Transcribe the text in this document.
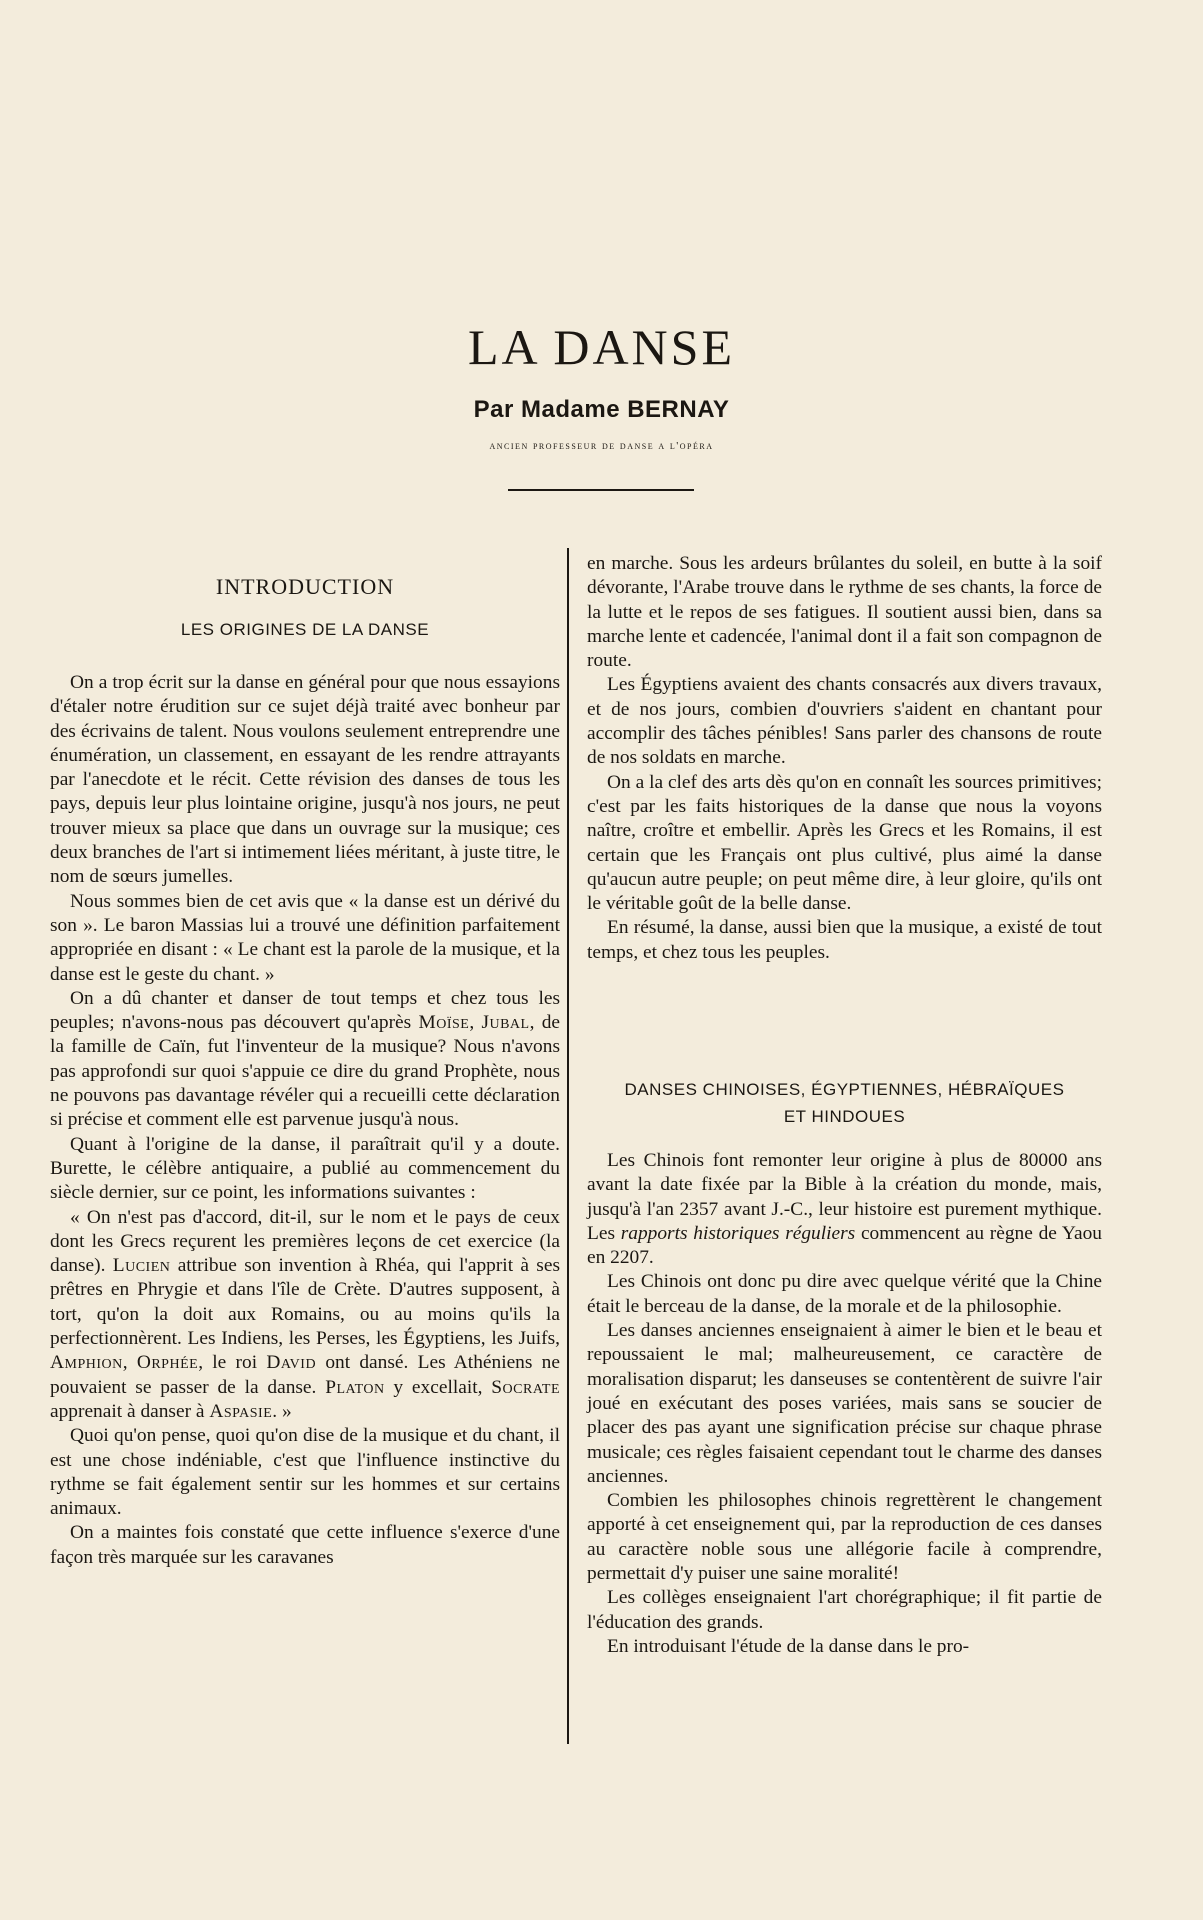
LA DANSE
Par Madame BERNAY
ancien professeur de danse a l'opéra
INTRODUCTION
LES ORIGINES DE LA DANSE

On a trop écrit sur la danse en général pour que nous essayions d'étaler notre érudition sur ce sujet déjà traité avec bonheur par des écrivains de talent. Nous voulons seulement entreprendre une énumération, un classement, en essayant de les rendre attrayants par l'anecdote et le récit. Cette révision des danses de tous les pays, depuis leur plus lointaine origine, jusqu'à nos jours, ne peut trouver mieux sa place que dans un ouvrage sur la musique; ces deux branches de l'art si intimement liées méritant, à juste titre, le nom de sœurs jumelles.

Nous sommes bien de cet avis que « la danse est un dérivé du son ». Le baron Massias lui a trouvé une définition parfaitement appropriée en disant : « Le chant est la parole de la musique, et la danse est le geste du chant. »

On a dû chanter et danser de tout temps et chez tous les peuples; n'avons-nous pas découvert qu'après Moïse, Jubal, de la famille de Caïn, fut l'inventeur de la musique? Nous n'avons pas approfondi sur quoi s'appuie ce dire du grand Prophète, nous ne pouvons pas davantage révéler qui a recueilli cette déclaration si précise et comment elle est parvenue jusqu'à nous.

Quant à l'origine de la danse, il paraîtrait qu'il y a doute. Burette, le célèbre antiquaire, a publié au commencement du siècle dernier, sur ce point, les informations suivantes :

« On n'est pas d'accord, dit-il, sur le nom et le pays de ceux dont les Grecs reçurent les premières leçons de cet exercice (la danse). Lucien attribue son invention à Rhéa, qui l'apprit à ses prêtres en Phrygie et dans l'île de Crète. D'autres supposent, à tort, qu'on la doit aux Romains, ou au moins qu'ils la perfectionnèrent. Les Indiens, les Perses, les Égyptiens, les Juifs, Amphion, Orphée, le roi David ont dansé. Les Athéniens ne pouvaient se passer de la danse. Platon y excellait, Socrate apprenait à danser à Aspasie. »

Quoi qu'on pense, quoi qu'on dise de la musique et du chant, il est une chose indéniable, c'est que l'influence instinctive du rythme se fait également sentir sur les hommes et sur certains animaux.

On a maintes fois constaté que cette influence s'exerce d'une façon très marquée sur les caravanes

en marche. Sous les ardeurs brûlantes du soleil, en butte à la soif dévorante, l'Arabe trouve dans le rythme de ses chants, la force de la lutte et le repos de ses fatigues. Il soutient aussi bien, dans sa marche lente et cadencée, l'animal dont il a fait son compagnon de route.

Les Égyptiens avaient des chants consacrés aux divers travaux, et de nos jours, combien d'ouvriers s'aident en chantant pour accomplir des tâches pénibles! Sans parler des chansons de route de nos soldats en marche.

On a la clef des arts dès qu'on en connaît les sources primitives; c'est par les faits historiques de la danse que nous la voyons naître, croître et embellir. Après les Grecs et les Romains, il est certain que les Français ont plus cultivé, plus aimé la danse qu'aucun autre peuple; on peut même dire, à leur gloire, qu'ils ont le véritable goût de la belle danse.

En résumé, la danse, aussi bien que la musique, a existé de tout temps, et chez tous les peuples.

DANSES CHINOISES, ÉGYPTIENNES, HÉBRAÏQUES
ET HINDOUES

Les Chinois font remonter leur origine à plus de 80000 ans avant la date fixée par la Bible à la création du monde, mais, jusqu'à l'an 2357 avant J.-C., leur histoire est purement mythique. Les rapports historiques réguliers commencent au règne de Yaou en 2207.

Les Chinois ont donc pu dire avec quelque vérité que la Chine était le berceau de la danse, de la morale et de la philosophie.

Les danses anciennes enseignaient à aimer le bien et le beau et repoussaient le mal; malheureusement, ce caractère de moralisation disparut; les danseuses se contentèrent de suivre l'air joué en exécutant des poses variées, mais sans se soucier de placer des pas ayant une signification précise sur chaque phrase musicale; ces règles faisaient cependant tout le charme des danses anciennes.

Combien les philosophes chinois regrettèrent le changement apporté à cet enseignement qui, par la reproduction de ces danses au caractère noble sous une allégorie facile à comprendre, permettait d'y puiser une saine moralité!

Les collèges enseignaient l'art chorégraphique; il fit partie de l'éducation des grands.

En introduisant l'étude de la danse dans le pro-
